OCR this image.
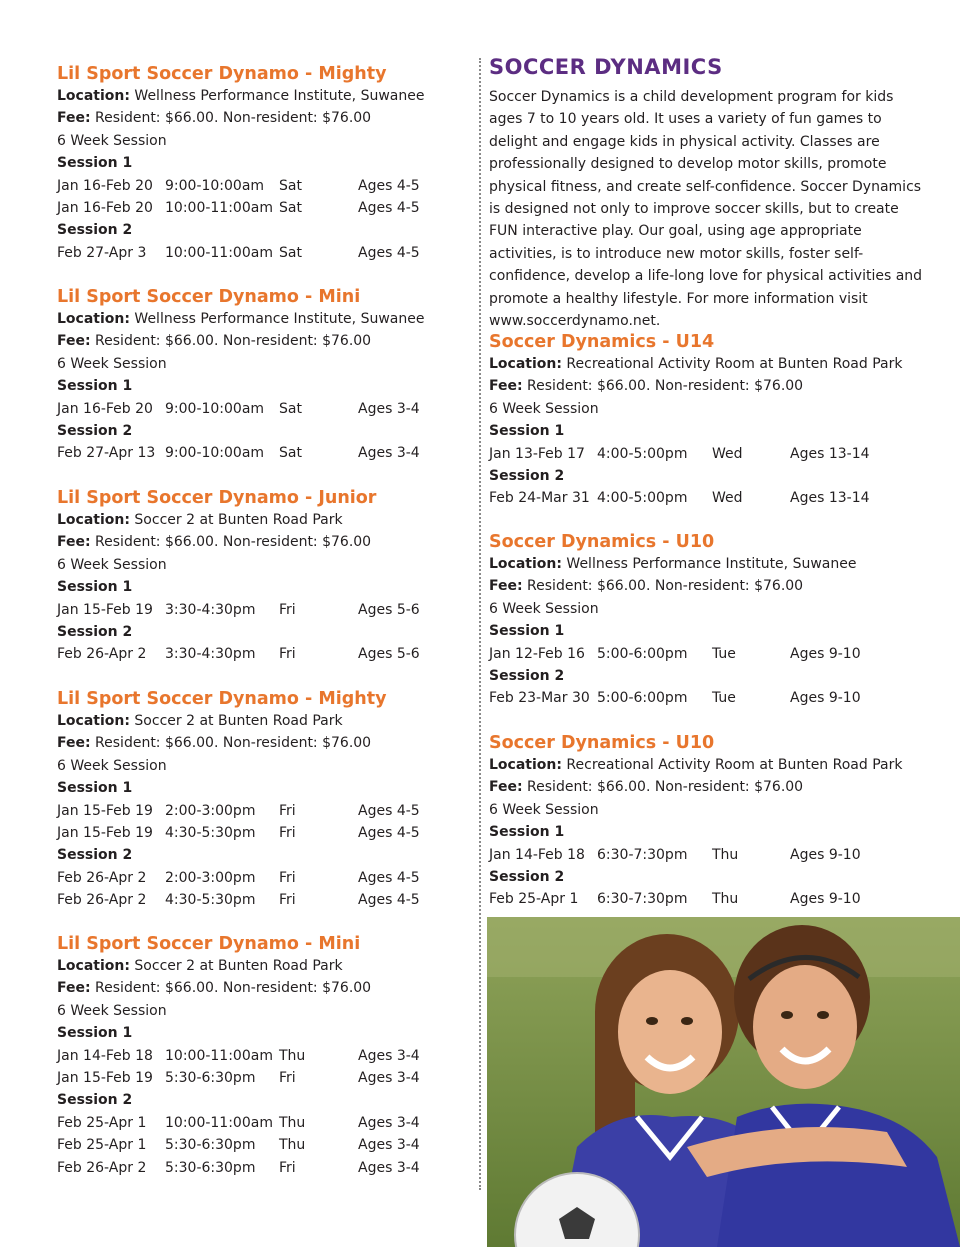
Lil Sport Soccer Dynamo - Mighty
Location: Wellness Performance Institute, Suwanee
Fee: Resident: $66.00. Non-resident: $76.00
6 Week Session
Session 1
Jan 16-Feb 20 9:00-10:00am Sat	Ages 4-5
Jan 16-Feb 20 10:00-11:00am Sat	Ages 4-5
Session 2
Feb 27-Apr 3 10:00-11:00am Sat	Ages 4-5
Lil Sport Soccer Dynamo - Mini
Location: Wellness Performance Institute, Suwanee
Fee: Resident: $66.00. Non-resident: $76.00
6 Week Session
Session 1
Jan 16-Feb 20 9:00-10:00am Sat	Ages 3-4
Session 2
Feb 27-Apr 13 9:00-10:00am Sat	Ages 3-4
Lil Sport Soccer Dynamo - Junior
Location: Soccer 2 at Bunten Road Park
Fee: Resident: $66.00. Non-resident: $76.00
6 Week Session
Session 1
Jan 15-Feb 19 3:30-4:30pm Fri	Ages 5-6
Session 2
Feb 26-Apr 2 3:30-4:30pm Fri	Ages 5-6
Lil Sport Soccer Dynamo - Mighty
Location: Soccer 2 at Bunten Road Park
Fee: Resident: $66.00. Non-resident: $76.00
6 Week Session
Session 1
Jan 15-Feb 19 2:00-3:00pm Fri	Ages 4-5
Jan 15-Feb 19 4:30-5:30pm Fri	Ages 4-5
Session 2
Feb 26-Apr 2 2:00-3:00pm Fri	Ages 4-5
Feb 26-Apr 2 4:30-5:30pm Fri	Ages 4-5
Lil Sport Soccer Dynamo - Mini
Location: Soccer 2 at Bunten Road Park
Fee: Resident: $66.00. Non-resident: $76.00
6 Week Session
Session 1
Jan 14-Feb 18 10:00-11:00am Thu	Ages 3-4
Jan 15-Feb 19 5:30-6:30pm Fri	Ages 3-4
Session 2
Feb 25-Apr 1 10:00-11:00am Thu	Ages 3-4
Feb 25-Apr 1 5:30-6:30pm Thu	Ages 3-4
Feb 26-Apr 2 5:30-6:30pm Fri	Ages 3-4
SOCCER DYNAMICS
Soccer Dynamics is a child development program for kids ages 7 to 10 years old. It uses a variety of fun games to delight and engage kids in physical activity. Classes are professionally designed to develop motor skills, promote physical fitness, and create self-confidence. Soccer Dynamics is designed not only to improve soccer skills, but to create FUN interactive play. Our goal, using age appropriate activities, is to introduce new motor skills, foster self-confidence, develop a life-long love for physical activities and promote a healthy lifestyle. For more information visit www.soccerdynamo.net.
Soccer Dynamics - U14
Location: Recreational Activity Room at Bunten Road Park
Fee: Resident: $66.00. Non-resident: $76.00
6 Week Session
Session 1
Jan 13-Feb 17 4:00-5:00pm Wed	Ages 13-14
Session 2
Feb 24-Mar 31 4:00-5:00pm Wed	Ages 13-14
Soccer Dynamics - U10
Location: Wellness Performance Institute, Suwanee
Fee: Resident: $66.00. Non-resident: $76.00
6 Week Session
Session 1
Jan 12-Feb 16 5:00-6:00pm Tue	Ages 9-10
Session 2
Feb 23-Mar 30 5:00-6:00pm Tue	Ages 9-10
Soccer Dynamics - U10
Location: Recreational Activity Room at Bunten Road Park
Fee: Resident: $66.00. Non-resident: $76.00
6 Week Session
Session 1
Jan 14-Feb 18 6:30-7:30pm Thu	Ages 9-10
Session 2
Feb 25-Apr 1 6:30-7:30pm Thu	Ages 9-10
